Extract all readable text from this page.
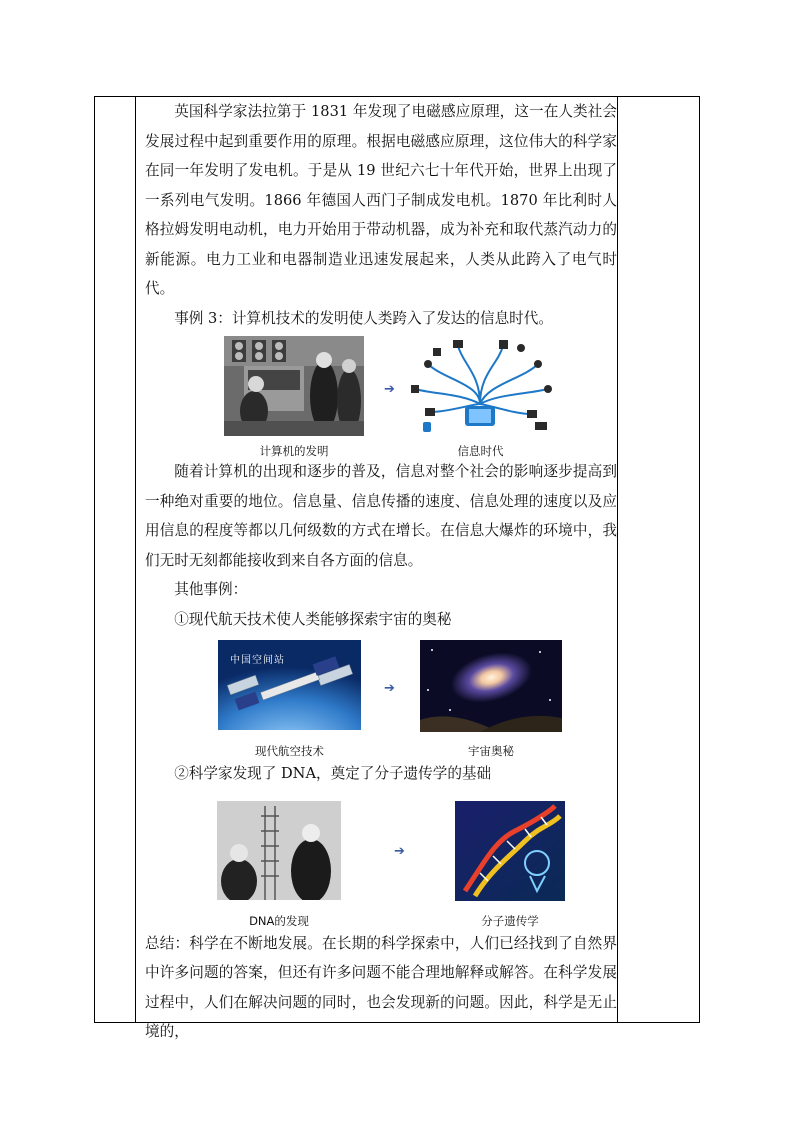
英国科学家法拉第于 1831 年发现了电磁感应原理，这一在人类社会发展过程中起到重要作用的原理。根据电磁感应原理，这位伟大的科学家在同一年发明了发电机。于是从 19 世纪六七十年代开始，世界上出现了一系列电气发明。1866 年德国人西门子制成发电机。1870 年比利时人格拉姆发明电动机，电力开始用于带动机器，成为补充和取代蒸汽动力的新能源。电力工业和电器制造业迅速发展起来，人类从此跨入了电气时代。

事例 3：计算机技术的发明使人类跨入了发达的信息时代。

➔
计算机的发明	信息时代

随着计算机的出现和逐步的普及，信息对整个社会的影响逐步提高到一种绝对重要的地位。信息量、信息传播的速度、信息处理的速度以及应用信息的程度等都以几何级数的方式在增长。在信息大爆炸的环境中，我们无时无刻都能接收到来自各方面的信息。

其他事例：

①现代航天技术使人类能够探索宇宙的奥秘

中国空间站
➔
现代航空技术	宇宙奥秘

②科学家发现了 DNA，奠定了分子遗传学的基础

➔
DNA的发现	分子遗传学

总结：科学在不断地发展。在长期的科学探索中，人们已经找到了自然界中许多问题的答案，但还有许多问题不能合理地解释或解答。在科学发展过程中，人们在解决问题的同时，也会发现新的问题。因此，科学是无止境的，
